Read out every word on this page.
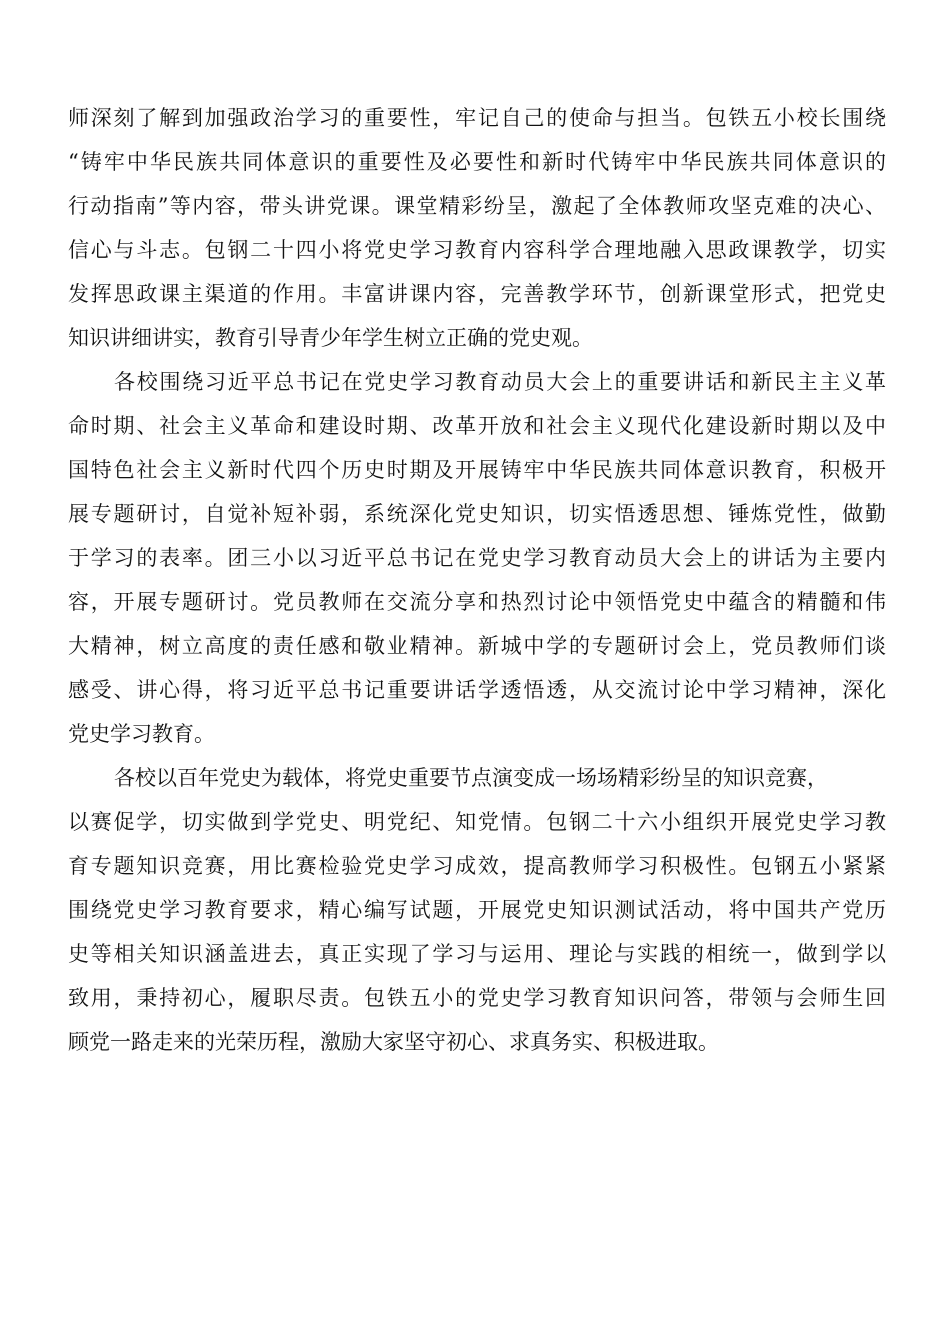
师深刻了解到加强政治学习的重要性，牢记自己的使命与担当。包铁五小校长围绕
“铸牢中华民族共同体意识的重要性及必要性和新时代铸牢中华民族共同体意识的
行动指南”等内容，带头讲党课。课堂精彩纷呈，激起了全体教师攻坚克难的决心、
信心与斗志。包钢二十四小将党史学习教育内容科学合理地融入思政课教学，切实
发挥思政课主渠道的作用。丰富讲课内容，完善教学环节，创新课堂形式，把党史
知识讲细讲实，教育引导青少年学生树立正确的党史观。
各校围绕习近平总书记在党史学习教育动员大会上的重要讲话和新民主主义革
命时期、社会主义革命和建设时期、改革开放和社会主义现代化建设新时期以及中
国特色社会主义新时代四个历史时期及开展铸牢中华民族共同体意识教育，积极开
展专题研讨，自觉补短补弱，系统深化党史知识，切实悟透思想、锤炼党性，做勤
于学习的表率。团三小以习近平总书记在党史学习教育动员大会上的讲话为主要内
容，开展专题研讨。党员教师在交流分享和热烈讨论中领悟党史中蕴含的精髓和伟
大精神，树立高度的责任感和敬业精神。新城中学的专题研讨会上，党员教师们谈
感受、讲心得，将习近平总书记重要讲话学透悟透，从交流讨论中学习精神，深化
党史学习教育。
各校以百年党史为载体，将党史重要节点演变成一场场精彩纷呈的知识竞赛，
以赛促学，切实做到学党史、明党纪、知党情。包钢二十六小组织开展党史学习教
育专题知识竞赛，用比赛检验党史学习成效，提高教师学习积极性。包钢五小紧紧
围绕党史学习教育要求，精心编写试题，开展党史知识测试活动，将中国共产党历
史等相关知识涵盖进去，真正实现了学习与运用、理论与实践的相统一，做到学以
致用，秉持初心，履职尽责。包铁五小的党史学习教育知识问答，带领与会师生回
顾党一路走来的光荣历程，激励大家坚守初心、求真务实、积极进取。
